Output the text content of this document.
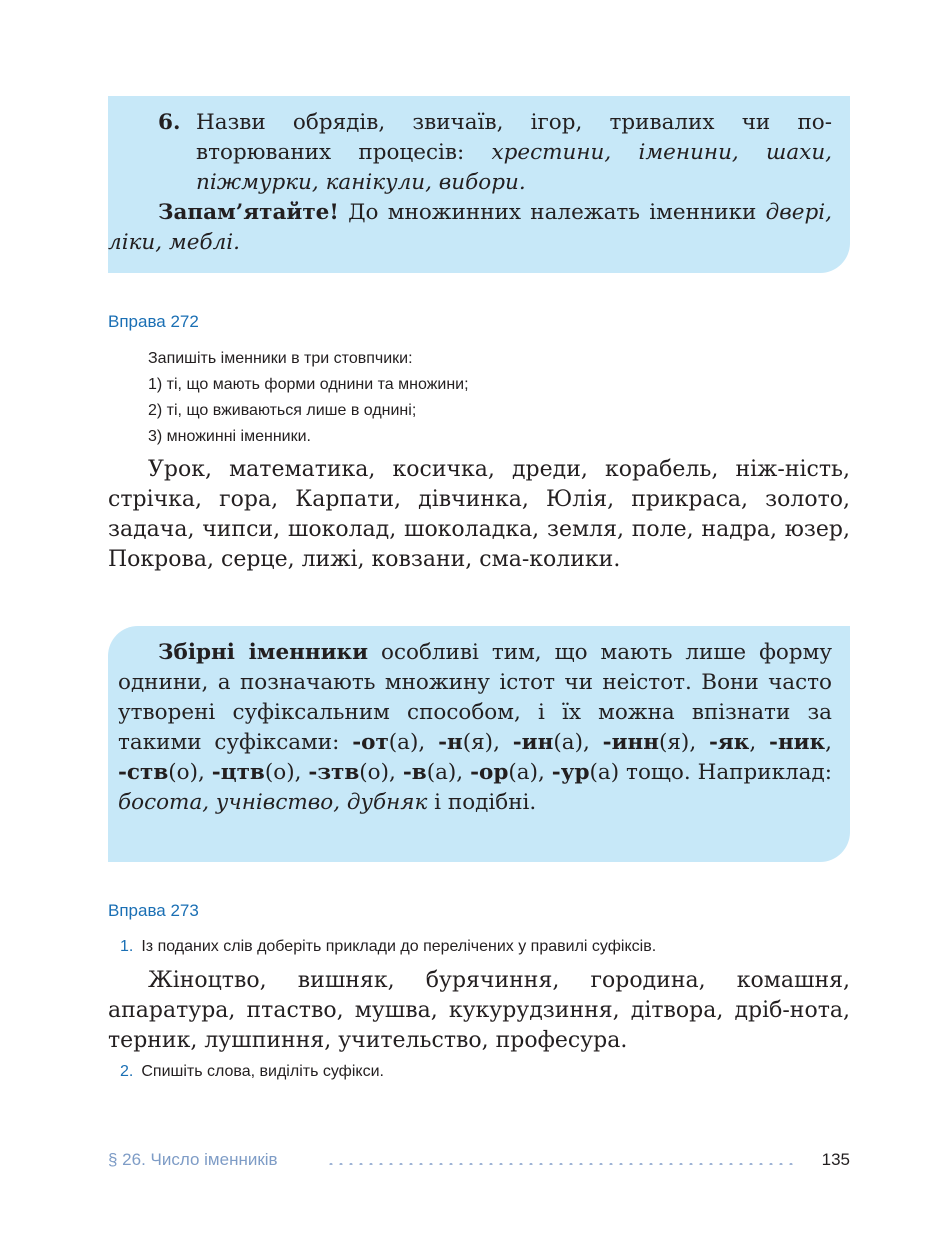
6. Назви обрядів, звичаїв, ігор, тривалих чи по-вторюваних процесів: хрестини, іменини, шахи, піжмурки, канікули, вибори.
Запам’ятайте! До множинних належать іменники двері, ліки, меблі.
Вправа 272
Запишіть іменники в три стовпчики:
1) ті, що мають форми однини та множини;
2) ті, що вживаються лише в однині;
3) множинні іменники.
Урок, математика, косичка, дреди, корабель, ніж-ність, стрічка, гора, Карпати, дівчинка, Юлія, прикраса, золото, задача, чипси, шоколад, шоколадка, земля, поле, надра, юзер, Покрова, серце, лижі, ковзани, сма-колики.
Збірні іменники особливі тим, що мають лише форму однини, а позначають множину істот чи неістот. Вони часто утворені суфіксальним способом, і їх можна впізнати за такими суфіксами: -от(а), -н(я), -ин(а), -инн(я), -як, -ник, -ств(о), -цтв(о), -зтв(о), -в(а), -ор(а), -ур(а) тощо. Наприклад: босота, учнівство, дубняк і подібні.
Вправа 273
1. Із поданих слів доберіть приклади до перелічених у правилі суфіксів.
Жіноцтво, вишняк, бурячиння, городина, комашня, апаратура, птаство, мушва, кукурудзиння, дітвора, дріб-нота, терник, лушпиння, учительство, професура.
2. Спишіть слова, виділіть суфікси.
§ 26. Число іменників	135
